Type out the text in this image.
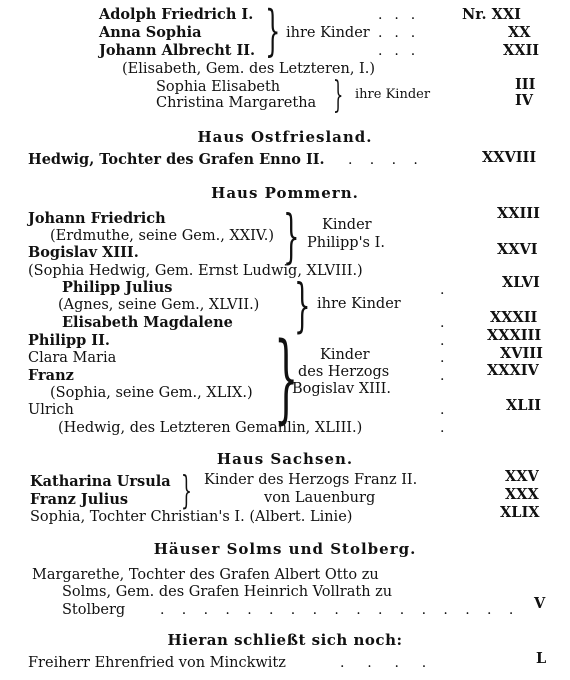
Adolph Friedrich I.	.  .  .	Nr. XXI
Anna Sophia	.  .  .	XX
Johann Albrecht II.	.  .  .	XXII
} ihre Kinder
(Elisabeth, Gem. des Letzteren, I.)
Sophia Elisabeth	III
Christina Margaretha	IV
} ihre Kinder
Haus Ostfriesland.
Hedwig, Tochter des Grafen Enno II. .   .   .   .	XXVIII
Haus Pommern.
Johann Friedrich	XXIII
(Erdmuthe, seine Gem., XXIV.)
Bogislav XIII.	XXVI
} Kinder
Philipp's I.
(Sophia Hedwig, Gem. Ernst Ludwig, XLVIII.)
Philipp Julius	XLVI
(Agnes, seine Gem., XLVII.)
Elisabeth Magdalene	.	XXXII
} ihre Kinder
.
Philipp II.	.	XXXIII
Clara Maria	.	XVIII
Franz	.	XXXIV
(Sophia, seine Gem., XLIX.)
Ulrich	.	XLII
(Hedwig, des Letzteren Gemahlin, XLIII.)	.
} Kinder
des Herzogs
Bogislav XIII.
Haus Sachsen.
Katharina Ursula	XXV
Franz Julius	XXX
} Kinder des Herzogs Franz II.
von Lauenburg
Sophia, Tochter Christian's I. (Albert. Linie)	XLIX
Häuser Solms und Stolberg.
Margarethe, Tochter des Grafen Albert Otto zu
Solms, Gem. des Grafen Heinrich Vollrath zu
Stolberg .   .   .   .   .   .   .   .   .   .   .   .   .   .   .   .   . V
Hieran schließt sich noch:
Freiherr Ehrenfried von Minckwitz	.    .    .    .	L
